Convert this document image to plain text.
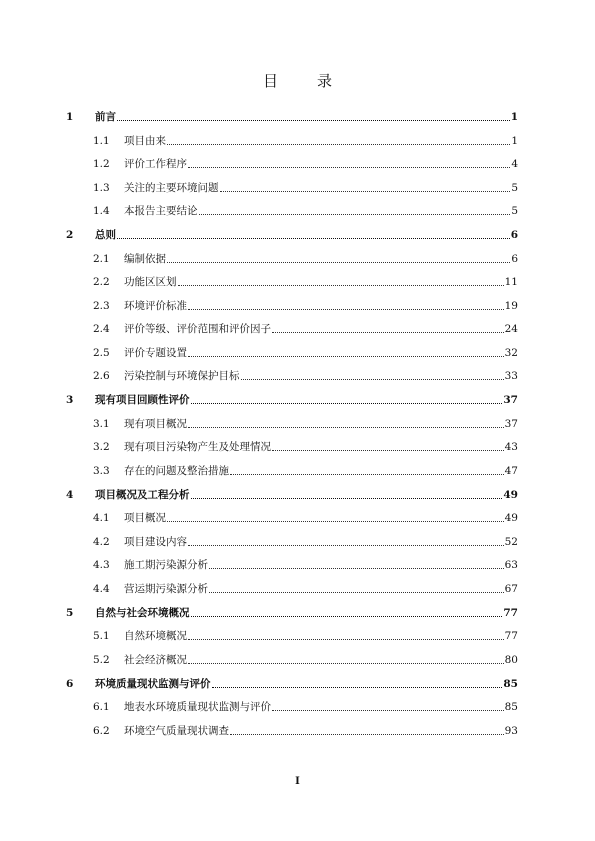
目　录
1	前言	1
1.1	项目由来	1
1.2	评价工作程序	4
1.3	关注的主要环境问题	5
1.4	本报告主要结论	5
2	总则	6
2.1	编制依据	6
2.2	功能区区划	11
2.3	环境评价标准	19
2.4	评价等级、评价范围和评价因子	24
2.5	评价专题设置	32
2.6	污染控制与环境保护目标	33
3	现有项目回顾性评价	37
3.1	现有项目概况	37
3.2	现有项目污染物产生及处理情况	43
3.3	存在的问题及整治措施	47
4	项目概况及工程分析	49
4.1	项目概况	49
4.2	项目建设内容	52
4.3	施工期污染源分析	63
4.4	营运期污染源分析	67
5	自然与社会环境概况	77
5.1	自然环境概况	77
5.2	社会经济概况	80
6	环境质量现状监测与评价	85
6.1	地表水环境质量现状监测与评价	85
6.2	环境空气质量现状调查	93
I
